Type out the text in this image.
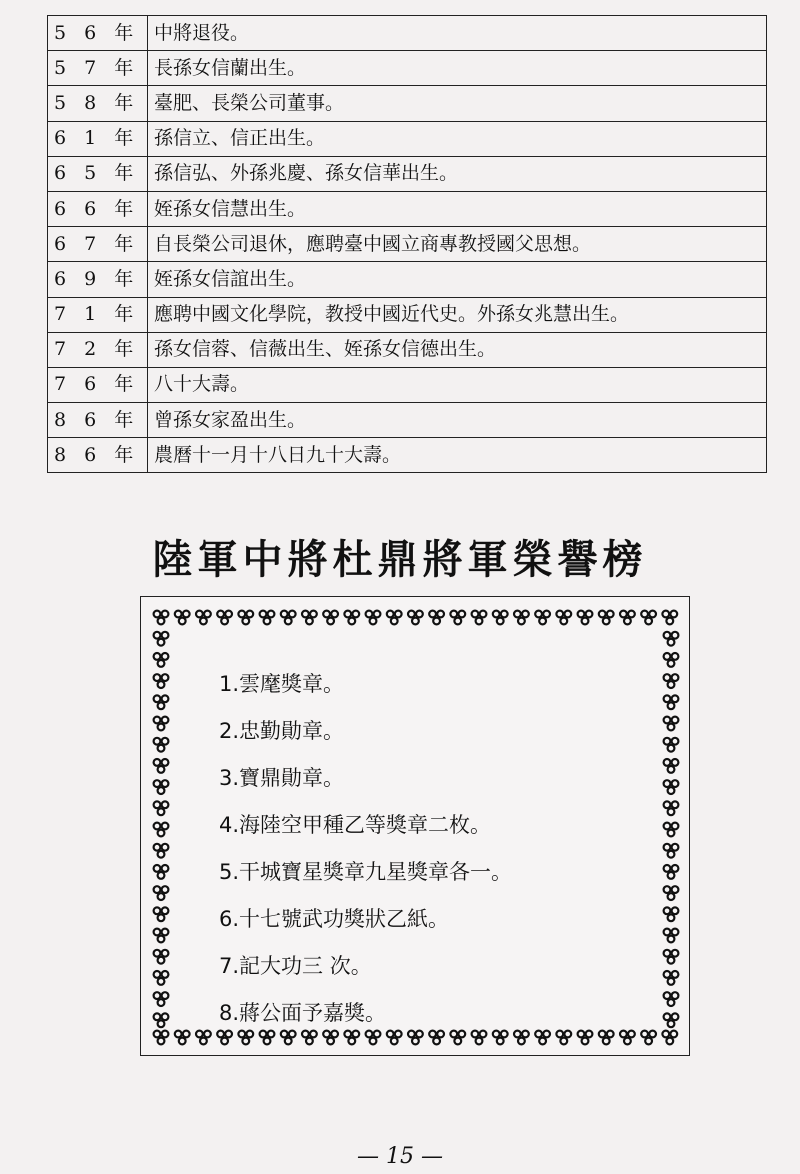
5 6 年	中將退役。
5 7 年	長孫女信蘭出生。
5 8 年	臺肥、長榮公司董事。
6 1 年	孫信立、信正出生。
6 5 年	孫信弘、外孫兆慶、孫女信華出生。
6 6 年	姪孫女信慧出生。
6 7 年	自長榮公司退休，應聘臺中國立商專教授國父思想。
6 9 年	姪孫女信誼出生。
7 1 年	應聘中國文化學院，教授中國近代史。外孫女兆慧出生。
7 2 年	孫女信蓉、信薇出生、姪孫女信德出生。
7 6 年	八十大壽。
8 6 年	曾孫女家盈出生。
8 6 年	農曆十一月十八日九十大壽。
陸軍中將杜鼎將軍榮譽榜
1.雲麾獎章。
2.忠勤勛章。
3.寶鼎勛章。
4.海陸空甲種乙等獎章二枚。
5.干城寶星獎章九星獎章各一。
6.十七號武功獎狀乙紙。
7.記大功三 次。
8.蔣公面予嘉獎。
— 15 —
